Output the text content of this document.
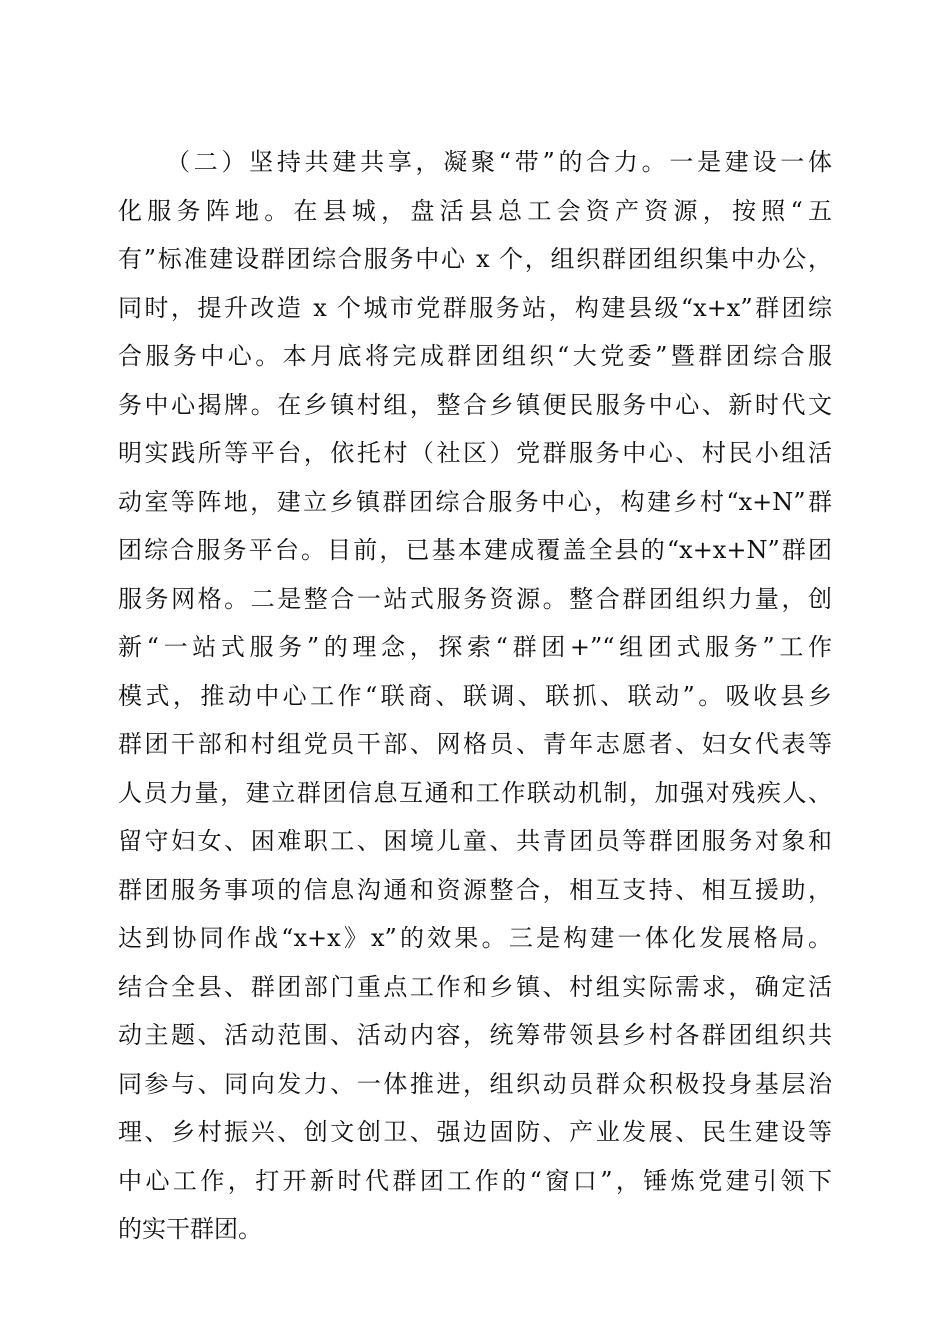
（二）坚持共建共享，凝聚“带”的合力。一是建设一体
化服务阵地。在县城，盘活县总工会资产资源，按照“五
有”标准建设群团综合服务中心 x 个，组织群团组织集中办公，
同时，提升改造 x 个城市党群服务站，构建县级“x+x”群团综
合服务中心。本月底将完成群团组织“大党委”暨群团综合服
务中心揭牌。在乡镇村组，整合乡镇便民服务中心、新时代文
明实践所等平台，依托村（社区）党群服务中心、村民小组活
动室等阵地，建立乡镇群团综合服务中心，构建乡村“x+N”群
团综合服务平台。目前，已基本建成覆盖全县的“x+x+N”群团
服务网格。二是整合一站式服务资源。整合群团组织力量，创
新“一站式服务”的理念，探索“群团+”“组团式服务”工作
模式，推动中心工作“联商、联调、联抓、联动”。吸收县乡
群团干部和村组党员干部、网格员、青年志愿者、妇女代表等
人员力量，建立群团信息互通和工作联动机制，加强对残疾人、
留守妇女、困难职工、困境儿童、共青团员等群团服务对象和
群团服务事项的信息沟通和资源整合，相互支持、相互援助，
达到协同作战“x+x》x”的效果。三是构建一体化发展格局。
结合全县、群团部门重点工作和乡镇、村组实际需求，确定活
动主题、活动范围、活动内容，统筹带领县乡村各群团组织共
同参与、同向发力、一体推进，组织动员群众积极投身基层治
理、乡村振兴、创文创卫、强边固防、产业发展、民生建设等
中心工作，打开新时代群团工作的“窗口”，锤炼党建引领下
的实干群团。
